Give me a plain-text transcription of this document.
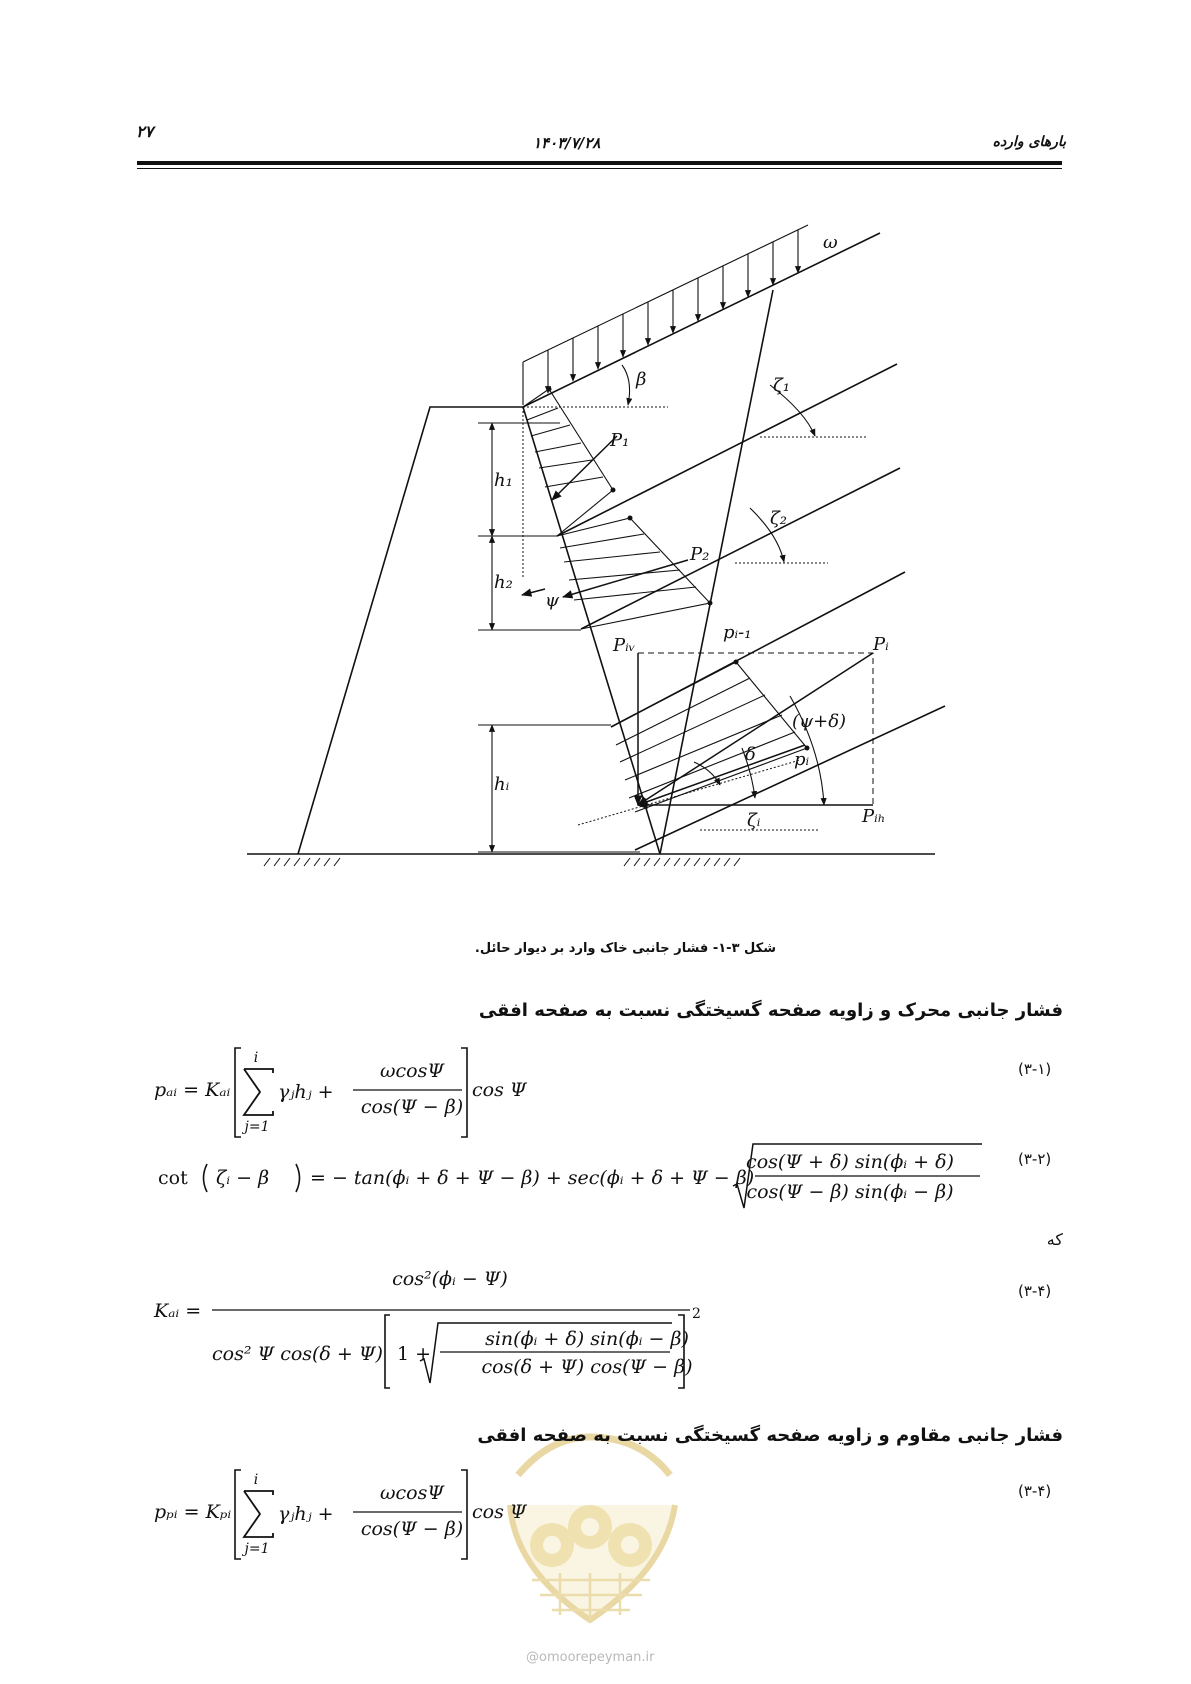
بارهای وارده
۱۴۰۳/۷/۲۸
۲۷
ω
β
P₁
ζ₁
h₁
ζ₂
P₂
h₂
ψ
Pᵢᵥ
pᵢ-₁
Pᵢ
(ψ+δ)
δ pᵢ
hᵢ
ζᵢ	Pᵢₕ
شکل ۳-۱- فشار جانبی خاک وارد بر دیوار حائل.
فشار جانبی محرک و زاویه صفحه گسیختگی نسبت به صفحه افقی
(۳-۱)
pₐᵢ = Kₐᵢ
i
j=1
γⱼhⱼ +
ωcosΨ
cos(Ψ − β)
cos Ψ
(۳-۲)
cot ζᵢ − β = − tan(ϕᵢ + δ + Ψ − β) + sec(ϕᵢ + δ + Ψ − β)
cos(Ψ + δ) sin(ϕᵢ + δ)
cos(Ψ − β) sin(ϕᵢ − β)
که
(۳-۴)
Kₐᵢ =
cos²(ϕᵢ − Ψ)
cos² Ψ cos(δ + Ψ) 1 +
sin(ϕᵢ + δ) sin(ϕᵢ − β)
cos(δ + Ψ) cos(Ψ − β)
2
فشار جانبی مقاوم و زاویه صفحه گسیختگی نسبت به صفحه افقی
(۳-۴)
pₚᵢ = Kₚᵢ
i
j=1
γⱼhⱼ +
ωcosΨ
cos(Ψ − β)
cos Ψ
@omoorepeyman.ir
